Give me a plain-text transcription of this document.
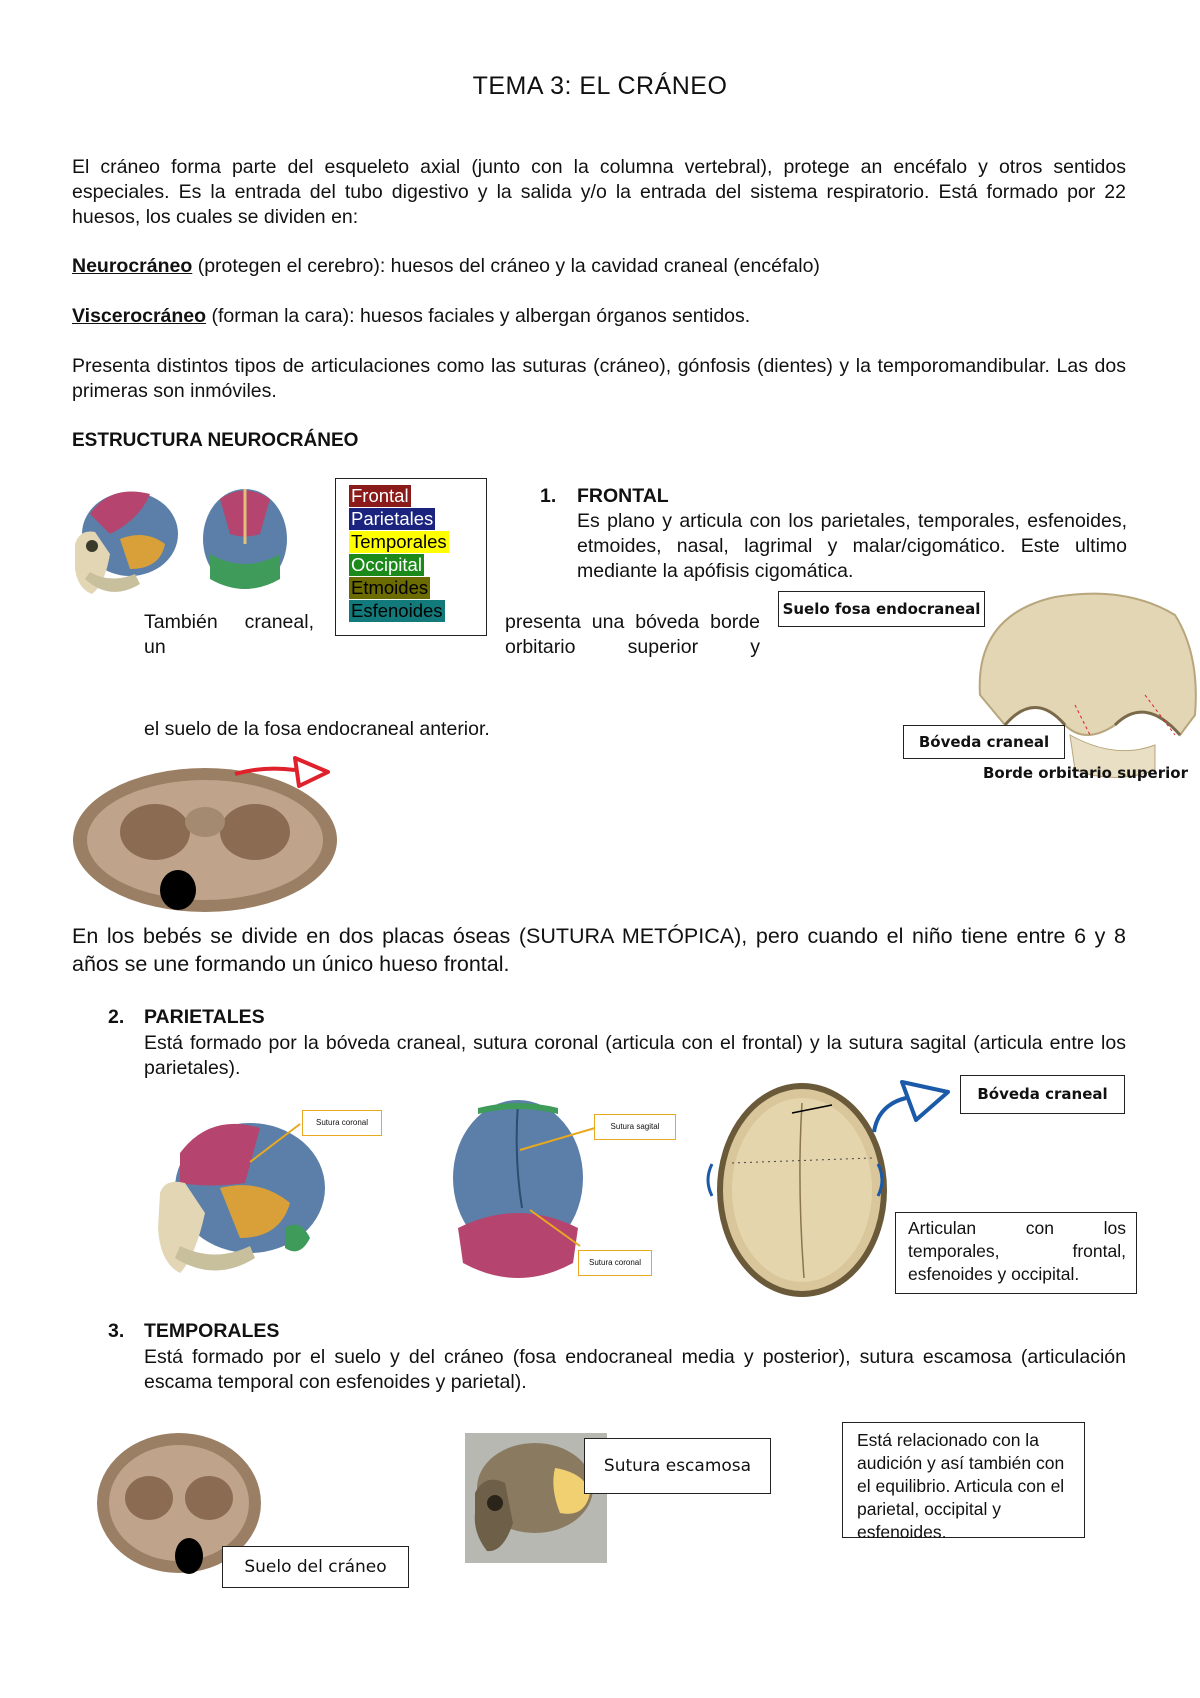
TEMA 3: EL CRÁNEO
El cráneo forma parte del esqueleto axial (junto con la columna vertebral), protege an encéfalo y otros sentidos especiales. Es la entrada del tubo digestivo y la salida y/o la entrada del sistema respiratorio. Está formado por 22 huesos, los cuales se dividen en:
Neurocráneo (protegen el cerebro): huesos del cráneo y la cavidad craneal (encéfalo)
Viscerocráneo (forman la cara): huesos faciales y albergan órganos sentidos.
Presenta distintos tipos de articulaciones como las suturas (cráneo), gónfosis (dientes) y la temporomandibular. Las dos primeras son inmóviles.
ESTRUCTURA NEUROCRÁNEO
Frontal
Parietales
Temporales
Occipital
Etmoides
Esfenoides
1. FRONTAL
Es plano y articula con los parietales, temporales, esfenoides, etmoides, nasal, lagrimal y malar/cigomático. Este ultimo mediante la apófisis cigomática.
También craneal, un
presenta una bóveda borde orbitario superior y
el suelo de la fosa endocraneal anterior.
Suelo fosa endocraneal
Bóveda craneal
Borde orbitario superior
En los bebés se divide en dos placas óseas (SUTURA METÓPICA), pero cuando el niño tiene entre 6 y 8 años se une formando un único hueso frontal.
2. PARIETALES
Está formado por la bóveda craneal, sutura coronal (articula con el frontal) y la sutura sagital (articula entre los parietales).
Sutura coronal	Sutura sagital
Sutura coronal
Bóveda craneal
Articulan con los temporales, frontal, esfenoides y occipital.
3. TEMPORALES
Está formado por el suelo y del cráneo (fosa endocraneal media y posterior), sutura escamosa (articulación escama temporal con esfenoides y parietal).
Suelo del cráneo
Sutura escamosa
Está relacionado con la audición y así también con el equilibrio. Articula con el parietal, occipital y esfenoides.
